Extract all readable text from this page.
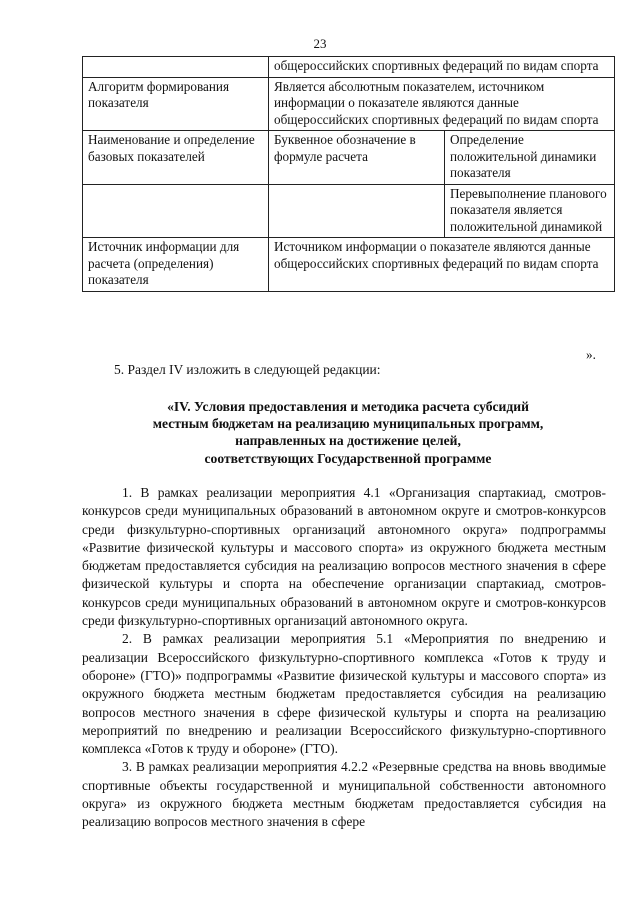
23
	общероссийских спортивных федераций по видам спорта	
Алгоритм формирования показателя	Является абсолютным показателем, источником информации о показателе являются данные общероссийских спортивных федераций по видам спорта	
Наименование и определение базовых показателей	Буквенное обозначение в формуле расчета	Определение положительной динамики показателя
		Перевыполнение планового показателя является положительной динамикой
Источник информации для расчета (определения) показателя	Источником информации о показателе являются данные общероссийских спортивных федераций по видам спорта	
».
5. Раздел IV изложить в следующей редакции:
«IV. Условия предоставления и методика расчета субсидий
местным бюджетам на реализацию муниципальных программ,
направленных на достижение целей,
соответствующих Государственной программе

1. В рамках реализации мероприятия 4.1 «Организация спартакиад, смотров-конкурсов среди муниципальных образований в автономном округе и смотров-конкурсов среди физкультурно-спортивных организаций автономного округа» подпрограммы «Развитие физической культуры и массового спорта» из окружного бюджета местным бюджетам предоставляется субсидия на реализацию вопросов местного значения в сфере физической культуры и спорта на обеспечение организации спартакиад, смотров-конкурсов среди муниципальных образований в автономном округе и смотров-конкурсов среди физкультурно-спортивных организаций автономного округа.

2. В рамках реализации мероприятия 5.1 «Мероприятия по внедрению и реализации Всероссийского физкультурно-спортивного комплекса «Готов к труду и обороне» (ГТО)» подпрограммы «Развитие физической культуры и массового спорта» из окружного бюджета местным бюджетам предоставляется субсидия на реализацию вопросов местного значения в сфере физической культуры и спорта на реализацию мероприятий по внедрению и реализации Всероссийского физкультурно-спортивного комплекса «Готов к труду и обороне» (ГТО).

3. В рамках реализации мероприятия 4.2.2 «Резервные средства на вновь вводимые спортивные объекты государственной и муниципальной собственности автономного округа» из окружного бюджета местным бюджетам предоставляется субсидия на реализацию вопросов местного значения в сфере
